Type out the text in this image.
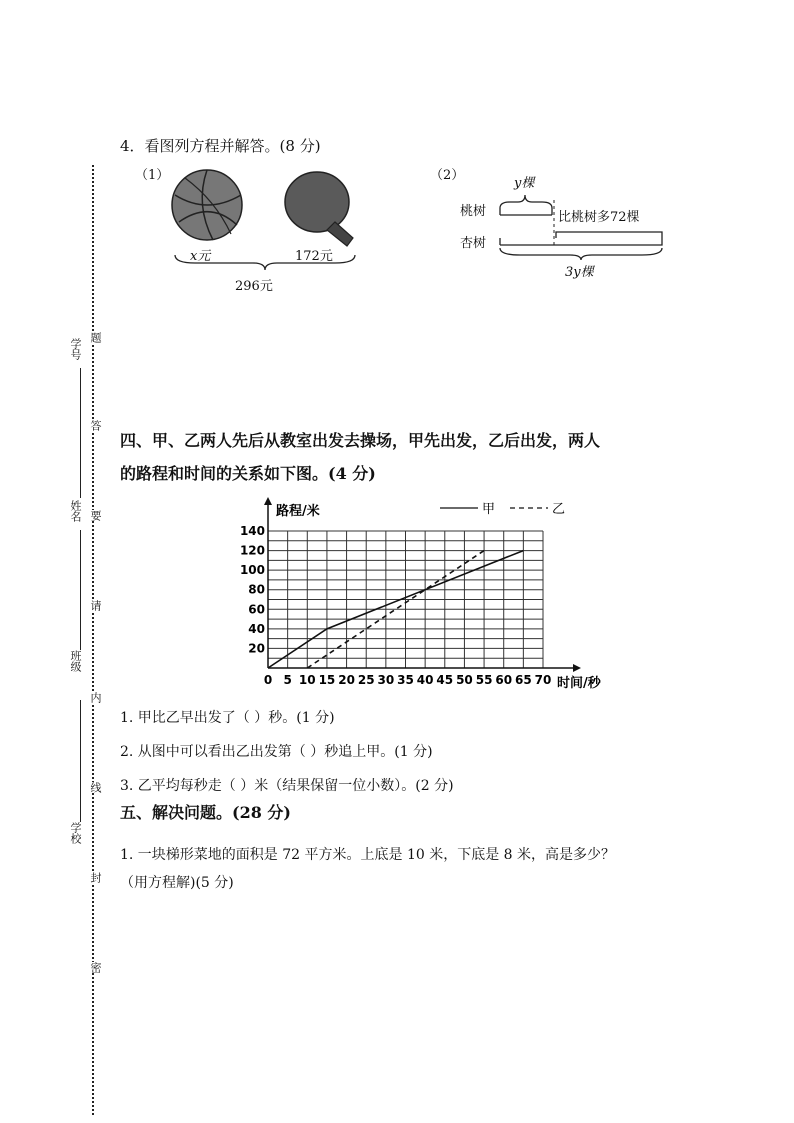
学号
姓名
班级
学校
题
答
要
请
内
线
封
密
4．看图列方程并解答。(8 分)
（1）
x元	172元
296元
（2）
y棵
桃树
杏树
比桃树多72棵
3y棵
四、甲、乙两人先后从教室出发去操场，甲先出发，乙后出发，两人
的路程和时间的关系如下图。(4 分)
0 5 10 15 20 25 30 35 40 45 50 55 60 65 70
20
40
60
80
100
120
140
路程/米
时间/秒
甲	乙
1. 甲比乙早出发了（ ）秒。(1 分)
2. 从图中可以看出乙出发第（ ）秒追上甲。(1 分)
3. 乙平均每秒走（ ）米（结果保留一位小数）。(2 分)
五、解决问题。(28 分)
1. 一块梯形菜地的面积是 72 平方米。上底是 10 米，下底是 8 米，高是多少？
（用方程解)(5 分)
